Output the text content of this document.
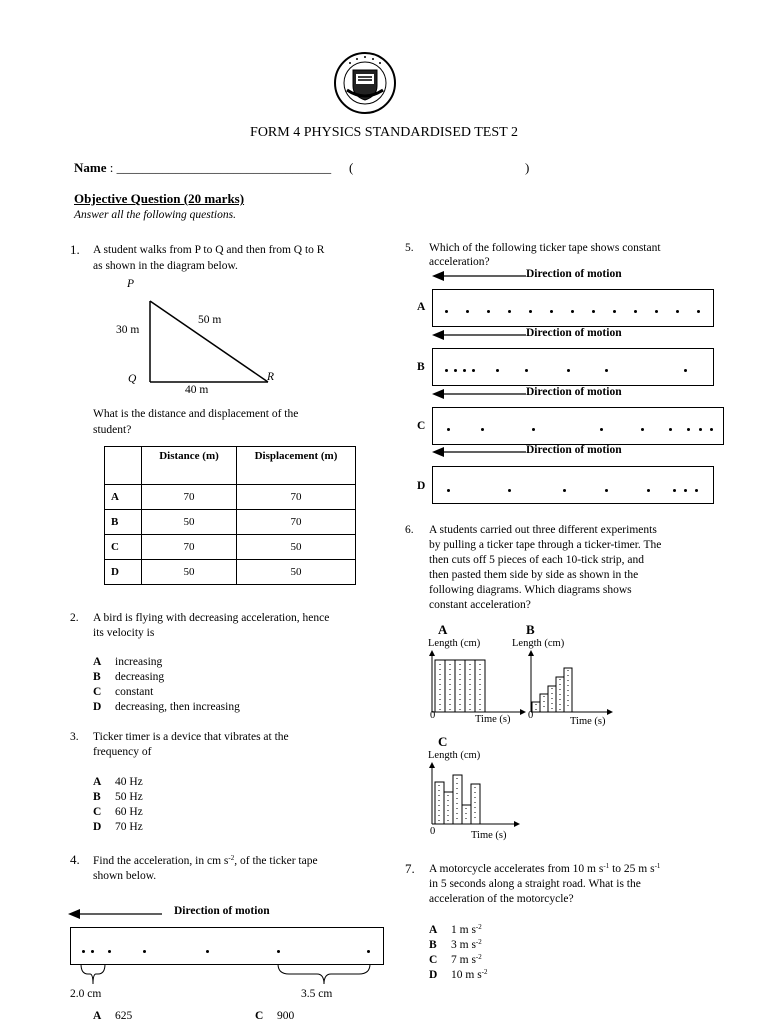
FORM 4 PHYSICS STANDARDISED TEST 2
Name : _________________________________ (	)
Objective Question (20 marks)
Answer all the following questions.
1. A student walks from P to Q and then from Q to R
as shown in the diagram below.
P
Q	R
30 m
50 m
40 m
What is the distance and displacement of the
student?
	Distance (m)	Displacement (m)
A	70	70
B	50	70
C	70	50
D	50	50
2. A bird is flying with decreasing acceleration, hence
its velocity is
A increasing
B decreasing
C constant
D decreasing, then increasing
3. Ticker timer is a device that vibrates at the
frequency of
A 40 Hz
B 50 Hz
C 60 Hz
D 70 Hz
4. Find the acceleration, in cm $s^{-2}$, of the ticker tape
shown below.
Direction of motion
2.0 cm	3.5 cm
A 625	C 900
5. Which of the following ticker tape shows constant
acceleration?
Direction of motion
A
Direction of motion
B
Direction of motion
C
Direction of motion
D
6. A students carried out three different experiments
by pulling a ticker tape through a ticker-timer. The
then cuts off 5 pieces of each 10-tick strip, and
then pasted them side by side as shown in the
following diagrams. Which diagrams shows
constant acceleration?
A
Length (cm)
0	Time (s)
B
Length (cm)
0
Time (s)
C
Length (cm)
0	Time (s)
7. A motorcycle accelerates from 10 m $s^{-1}$ to 25 m $s^{-1}$
in 5 seconds along a straight road. What is the
acceleration of the motorcycle?
A 1 m $s^{-2}$
B 3 m $s^{-2}$
C 7 m $s^{-2}$
D 10 m $s^{-2}$
